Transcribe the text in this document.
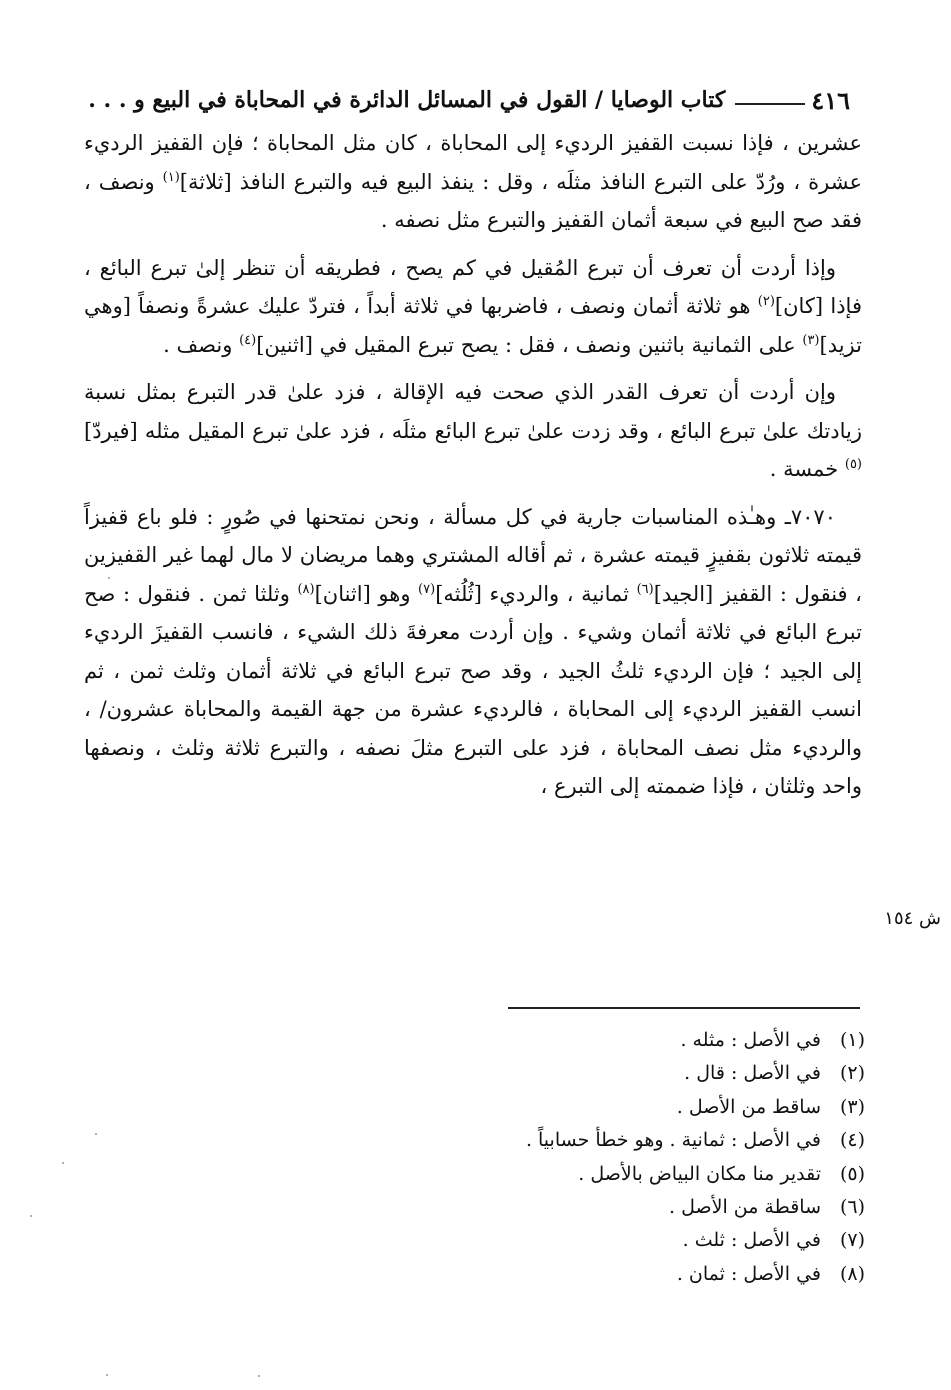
٤١٦
كتاب الوصايا / القول في المسائل الدائرة في المحاباة في البيع و . . .

عشرين ، فإذا نسبت القفيز الرديء إلى المحاباة ، كان مثل المحاباة ؛ فإن القفيز الرديء عشرة ، ورُدّ على التبرع النافذ مثلَه ، وقل : ينفذ البيع فيه والتبرع النافذ [ثلاثة]$^{(١)}$ ونصف ، فقد صح البيع في سبعة أثمان القفيز والتبرع مثل نصفه .

وإذا أردت أن تعرف أن تبرع المُقيل في كم يصح ، فطريقه أن تنظر إلىٰ تبرع البائع ، فإذا [كان]$^{(٢)}$ هو ثلاثة أثمان ونصف ، فاضربها في ثلاثة أبداً ، فتردّ عليك عشرةً ونصفاً [وهي تزيد]$^{(٣)}$ على الثمانية باثنين ونصف ، فقل : يصح تبرع المقيل في [اثنين]$^{(٤)}$ ونصف .

وإن أردت أن تعرف القدر الذي صحت فيه الإقالة ، فزد علىٰ قدر التبرع بمثل نسبة زيادتك علىٰ تبرع البائع ، وقد زدت علىٰ تبرع البائع مثلَه ، فزد علىٰ تبرع المقيل مثله [فيردّ]$^{(٥)}$ خمسة .

٧٠٧٠ـ وهـٰذه المناسبات جارية في كل مسألة ، ونحن نمتحنها في صُورٍ : فلو باع قفيزاً قيمته ثلاثون بقفيزٍ قيمته عشرة ، ثم أقاله المشتري وهما مريضان لا مال لهما غير القفيزين ، فنقول : القفيز [الجيد]$^{(٦)}$ ثمانية ، والرديء [ثُلُثه]$^{(٧)}$ وهو [اثنان]$^{(٨)}$ وثلثا ثمن . فنقول : صح تبرع البائع في ثلاثة أثمان وشيء . وإن أردت معرفةَ ذلك الشيء ، فانسب القفيزَ الرديء إلى الجيد ؛ فإن الرديء ثلثُ الجيد ، وقد صح تبرع البائع في ثلاثة أثمان وثلث ثمن ، ثم انسب القفيز الرديء إلى المحاباة ، فالرديء عشرة من جهة القيمة والمحاباة عشرون/ ، والرديء مثل نصف المحاباة ، فزد على التبرع مثلَ نصفه ، والتبرع ثلاثة وثلث ، ونصفها واحد وثلثان ، فإذا ضممته إلى التبرع ،

ش ١٥٤
(١)
في الأصل : مثله .
(٢)
في الأصل : قال .
(٣)
ساقط من الأصل .
(٤)
في الأصل : ثمانية . وهو خطأ حسابياً .
(٥)
تقدير منا مكان البياض بالأصل .
(٦)
ساقطة من الأصل .
(٧)
في الأصل : ثلث .
(٨)
في الأصل : ثمان .
